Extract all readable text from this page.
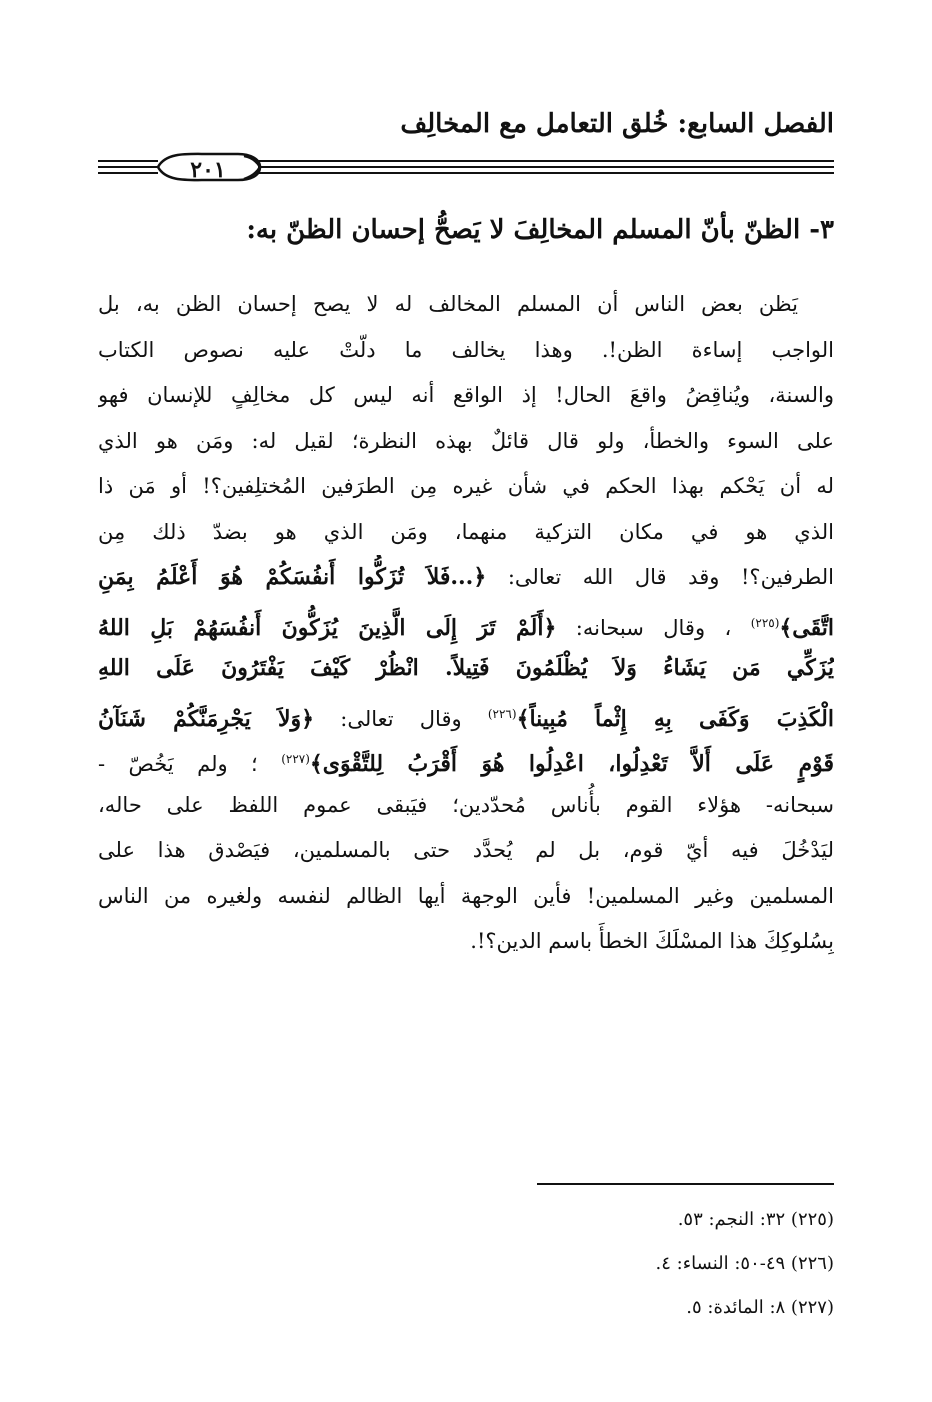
الفصل السابع: خُلق التعامل مع المخالِف
٢٠١
٣- الظنّ بأنّ المسلم المخالِفَ لا يَصحُّ إحسان الظنّ به:
يَظن بعض الناس أن المسلم المخالف له لا يصح إحسان الظن به، بل
الواجب إساءة الظن!. وهذا يخالف ما دلّتْ عليه نصوص الكتاب
والسنة، ويُناقِضُ واقعَ الحال! إذ الواقع أنه ليس كل مخالِفٍ للإنسان فهو
على السوء والخطأ، ولو قال قائلٌ بهذه النظرة؛ لقيل له: ومَن هو الذي
له أن يَحْكم بهذا الحكم في شأن غيره مِن الطرَفين المُختلِفين؟! أو مَن ذا
الذي هو في مكان التزكية منهما، ومَن الذي هو بضدّ ذلك مِن
الطرفين؟! وقد قال الله تعالى: ﴿...فَلاَ تُزَكُّوا أَنفُسَكُمْ هُوَ أَعْلَمُ بِمَنِ
اتَّقَى﴾$^{(٢٢٥)}$ ، وقال سبحانه: ﴿أَلَمْ تَرَ إِلَى الَّذِينَ يُزَكُّونَ أَنفُسَهُمْ بَلِ اللهُ
يُزَكِّي مَن يَشَاءُ وَلاَ يُظْلَمُونَ فَتِيلاً. انْظُرْ كَيْفَ يَفْتَرُونَ عَلَى اللهِ
الْكَذِبَ وَكَفَى بِهِ إِثْماً مُبِيناً﴾$^{(٢٢٦)}$ وقال تعالى: ﴿وَلاَ يَجْرِمَنَّكُمْ شَنَآنُ
قَوْمٍ عَلَى أَلاَّ تَعْدِلُوا، اعْدِلُوا هُوَ أَقْرَبُ لِلتَّقْوَى﴾$^{(٢٢٧)}$ ؛ ولم يَخُصّ -
سبحانه- هؤلاء القوم بأُناس مُحدّدين؛ فيَبقى عموم اللفظ على حاله،
ليَدْخُلَ فيه أيّ قوم، بل لم يُحدَّد حتى بالمسلمين، فيَصْدق هذا على
المسلمين وغير المسلمين! فأين الوجهة أيها الظالم لنفسه ولغيره من الناس
بِسُلوكِكَ هذا المسْلَكَ الخطأَ باسم الدين؟!.
(٢٢٥) ٣٢: النجم: ٥٣.
(٢٢٦) ٤٩-٥٠: النساء: ٤.
(٢٢٧) ٨: المائدة: ٥.
